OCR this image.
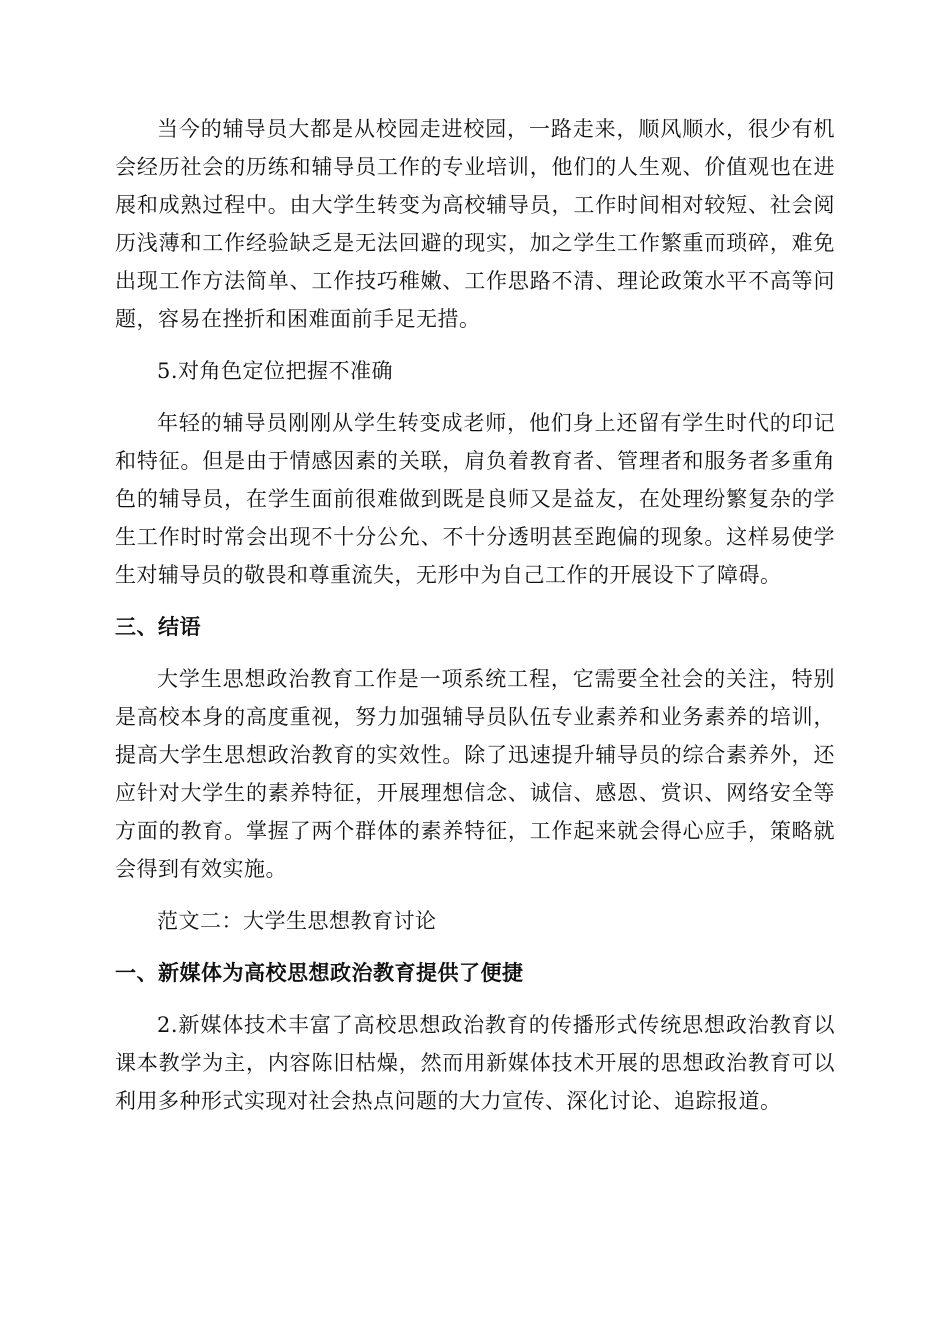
当今的辅导员大都是从校园走进校园，一路走来，顺风顺水，很少有机会经历社会的历练和辅导员工作的专业培训，他们的人生观、价值观也在进展和成熟过程中。由大学生转变为高校辅导员，工作时间相对较短、社会阅历浅薄和工作经验缺乏是无法回避的现实，加之学生工作繁重而琐碎，难免出现工作方法简单、工作技巧稚嫩、工作思路不清、理论政策水平不高等问题，容易在挫折和困难面前手足无措。

5.对角色定位把握不准确

年轻的辅导员刚刚从学生转变成老师，他们身上还留有学生时代的印记和特征。但是由于情感因素的关联，肩负着教育者、管理者和服务者多重角色的辅导员，在学生面前很难做到既是良师又是益友，在处理纷繁复杂的学生工作时时常会出现不十分公允、不十分透明甚至跑偏的现象。这样易使学生对辅导员的敬畏和尊重流失，无形中为自己工作的开展设下了障碍。

三、结语

大学生思想政治教育工作是一项系统工程，它需要全社会的关注，特别是高校本身的高度重视，努力加强辅导员队伍专业素养和业务素养的培训，提高大学生思想政治教育的实效性。除了迅速提升辅导员的综合素养外，还应针对大学生的素养特征，开展理想信念、诚信、感恩、赏识、网络安全等方面的教育。掌握了两个群体的素养特征，工作起来就会得心应手，策略就会得到有效实施。

范文二：大学生思想教育讨论

一、新媒体为高校思想政治教育提供了便捷

2.新媒体技术丰富了高校思想政治教育的传播形式传统思想政治教育以课本教学为主，内容陈旧枯燥，然而用新媒体技术开展的思想政治教育可以利用多种形式实现对社会热点问题的大力宣传、深化讨论、追踪报道。
